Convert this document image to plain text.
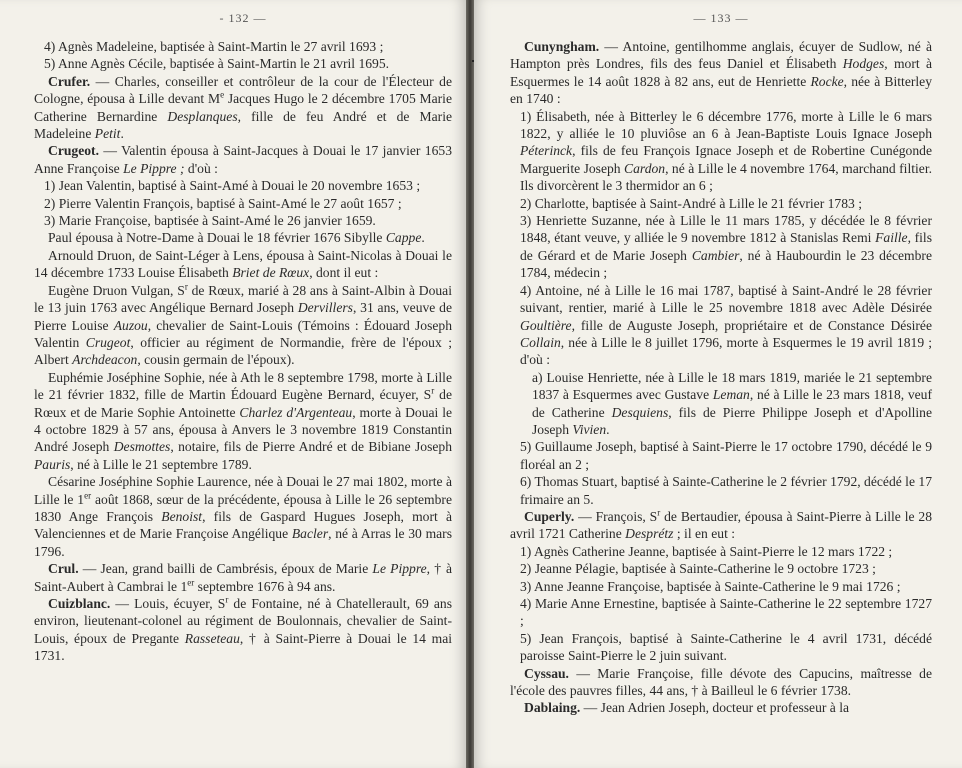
- 132 —

4) Agnès Madeleine, baptisée à Saint-Martin le 27 avril 1693 ;

5) Anne Agnès Cécile, baptisée à Saint-Martin le 21 avril 1695.

Crufer. — Charles, conseiller et contrôleur de la cour de l'Électeur de Cologne, épousa à Lille devant Me Jacques Hugo le 2 décembre 1705 Marie Catherine Bernardine Desplanques, fille de feu André et de Marie Madeleine Petit.

Crugeot. — Valentin épousa à Saint-Jacques à Douai le 17 janvier 1653 Anne Françoise Le Pippre ; d'où :

1) Jean Valentin, baptisé à Saint-Amé à Douai le 20 novembre 1653 ;

2) Pierre Valentin François, baptisé à Saint-Amé le 27 août 1657 ;

3) Marie Françoise, baptisée à Saint-Amé le 26 janvier 1659.

Paul épousa à Notre-Dame à Douai le 18 février 1676 Sibylle Cappe.

Arnould Druon, de Saint-Léger à Lens, épousa à Saint-Nicolas à Douai le 14 décembre 1733 Louise Élisabeth Briet de Rœux, dont il eut :

Eugène Druon Vulgan, $S^r$ de Rœux, marié à 28 ans à Saint-Albin à Douai le 13 juin 1763 avec Angélique Bernard Joseph Dervillers, 31 ans, veuve de Pierre Louise Auzou, chevalier de Saint-Louis (Témoins : Édouard Joseph Valentin Crugeot, officier au régiment de Normandie, frère de l'époux ; Albert Archdeacon, cousin germain de l'époux).

Euphémie Joséphine Sophie, née à Ath le 8 septembre 1798, morte à Lille le 21 février 1832, fille de Martin Édouard Eugène Bernard, écuyer, $S^r$ de Rœux et de Marie Sophie Antoinette Charlez d'Argenteau, morte à Douai le 4 octobre 1829 à 57 ans, épousa à Anvers le 3 novembre 1819 Constantin André Joseph Desmottes, notaire, fils de Pierre André et de Bibiane Joseph Pauris, né à Lille le 21 septembre 1789.

Césarine Joséphine Sophie Laurence, née à Douai le 27 mai 1802, morte à Lille le 1er août 1868, sœur de la précédente, épousa à Lille le 26 septembre 1830 Ange François Benoist, fils de Gaspard Hugues Joseph, mort à Valenciennes et de Marie Françoise Angélique Bacler, né à Arras le 30 mars 1796.

Crul. — Jean, grand bailli de Cambrésis, époux de Marie Le Pippre, † à Saint-Aubert à Cambrai le 1er septembre 1676 à 94 ans.

Cuizblanc. — Louis, écuyer, $S^r$ de Fontaine, né à Chatellerault, 69 ans environ, lieutenant-colonel au régiment de Boulonnais, chevalier de Saint-Louis, époux de Pregante Rasseteau, † à Saint-Pierre à Douai le 14 mai 1731.

— 133 —

Cunyngham. — Antoine, gentilhomme anglais, écuyer de Sudlow, né à Hampton près Londres, fils des feus Daniel et Élisabeth Hodges, mort à Esquermes le 14 août 1828 à 82 ans, eut de Henriette Rocke, née à Bitterley en 1740 :

1) Élisabeth, née à Bitterley le 6 décembre 1776, morte à Lille le 6 mars 1822, y alliée le 10 pluviôse an 6 à Jean-Baptiste Louis Ignace Joseph Péterinck, fils de feu François Ignace Joseph et de Robertine Cunégonde Marguerite Joseph Cardon, né à Lille le 4 novembre 1764, marchand filtier. Ils divorcèrent le 3 thermidor an 6 ;

2) Charlotte, baptisée à Saint-André à Lille le 21 février 1783 ;

3) Henriette Suzanne, née à Lille le 11 mars 1785, y décédée le 8 février 1848, étant veuve, y alliée le 9 novembre 1812 à Stanislas Remi Faille, fils de Gérard et de Marie Joseph Cambier, né à Haubourdin le 23 décembre 1784, médecin ;

4) Antoine, né à Lille le 16 mai 1787, baptisé à Saint-André le 28 février suivant, rentier, marié à Lille le 25 novembre 1818 avec Adèle Désirée Goultière, fille de Auguste Joseph, propriétaire et de Constance Désirée Collain, née à Lille le 8 juillet 1796, morte à Esquermes le 19 avril 1819 ; d'où :

a) Louise Henriette, née à Lille le 18 mars 1819, mariée le 21 septembre 1837 à Esquermes avec Gustave Leman, né à Lille le 23 mars 1818, veuf de Catherine Desquiens, fils de Pierre Philippe Joseph et d'Apolline Joseph Vivien.

5) Guillaume Joseph, baptisé à Saint-Pierre le 17 octobre 1790, décédé le 9 floréal an 2 ;

6) Thomas Stuart, baptisé à Sainte-Catherine le 2 février 1792, décédé le 17 frimaire an 5.

Cuperly. — François, $S^r$ de Bertaudier, épousa à Saint-Pierre à Lille le 28 avril 1721 Catherine Desprétz ; il en eut :

1) Agnès Catherine Jeanne, baptisée à Saint-Pierre le 12 mars 1722 ;

2) Jeanne Pélagie, baptisée à Sainte-Catherine le 9 octobre 1723 ;

3) Anne Jeanne Françoise, baptisée à Sainte-Catherine le 9 mai 1726 ;

4) Marie Anne Ernestine, baptisée à Sainte-Catherine le 22 septembre 1727 ;

5) Jean François, baptisé à Sainte-Catherine le 4 avril 1731, décédé paroisse Saint-Pierre le 2 juin suivant.

Cyssau. — Marie Françoise, fille dévote des Capucins, maîtresse de l'école des pauvres filles, 44 ans, † à Bailleul le 6 février 1738.

Dablaing. — Jean Adrien Joseph, docteur et professeur à la
